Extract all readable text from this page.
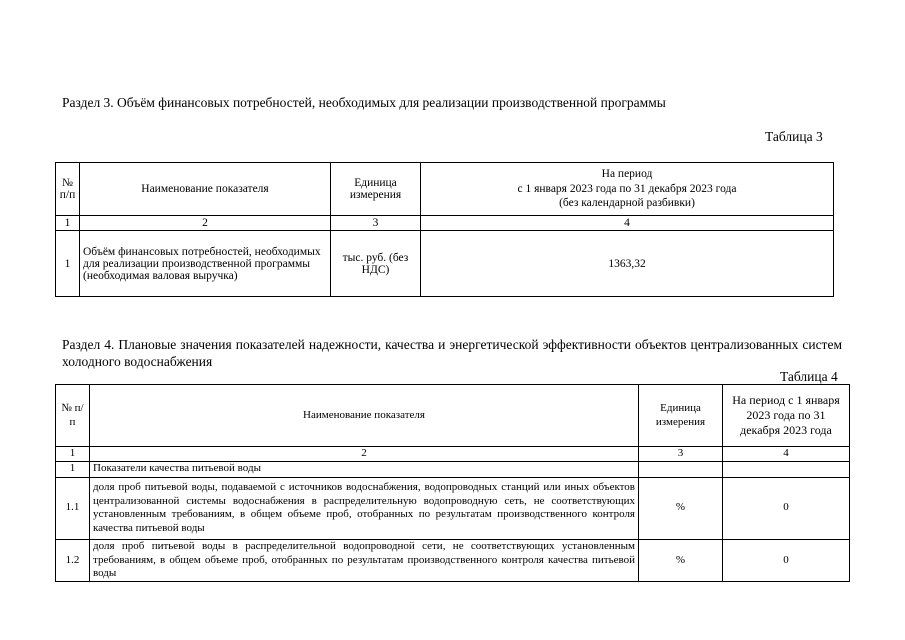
Раздел 3. Объём финансовых потребностей, необходимых для реализации производственной программы
Таблица 3
№ п/п	Наименование показателя	Единица измерения	На период
с 1 января 2023 года по 31 декабря 2023 года
(без календарной разбивки)

1	2	3	4
1	Объём финансовых потребностей, необходимых для реализации производственной программы (необходимая валовая выручка)	тыс. руб. (без НДС)	1363,32
Раздел 4. Плановые значения показателей надежности, качества и энергетической эффективности объектов централизованных систем холодного водоснабжения
Таблица 4
№ п/п	Наименование показателя	Единица измерения	На период с 1 января 2023 года по 31 декабря 2023 года
1	2	3	4
1	Показатели качества питьевой воды		
1.1	доля проб питьевой воды, подаваемой с источников водоснабжения, водопроводных станций или иных объектов централизованной системы водоснабжения в распределительную водопроводную сеть, не соответствующих установленным требованиям, в общем объеме проб, отобранных по результатам производственного контроля качества питьевой воды	%	0
1.2	доля проб питьевой воды в распределительной водопроводной сети, не соответствующих установленным требованиям, в общем объеме проб, отобранных по результатам производственного контроля качества питьевой воды	%	0
